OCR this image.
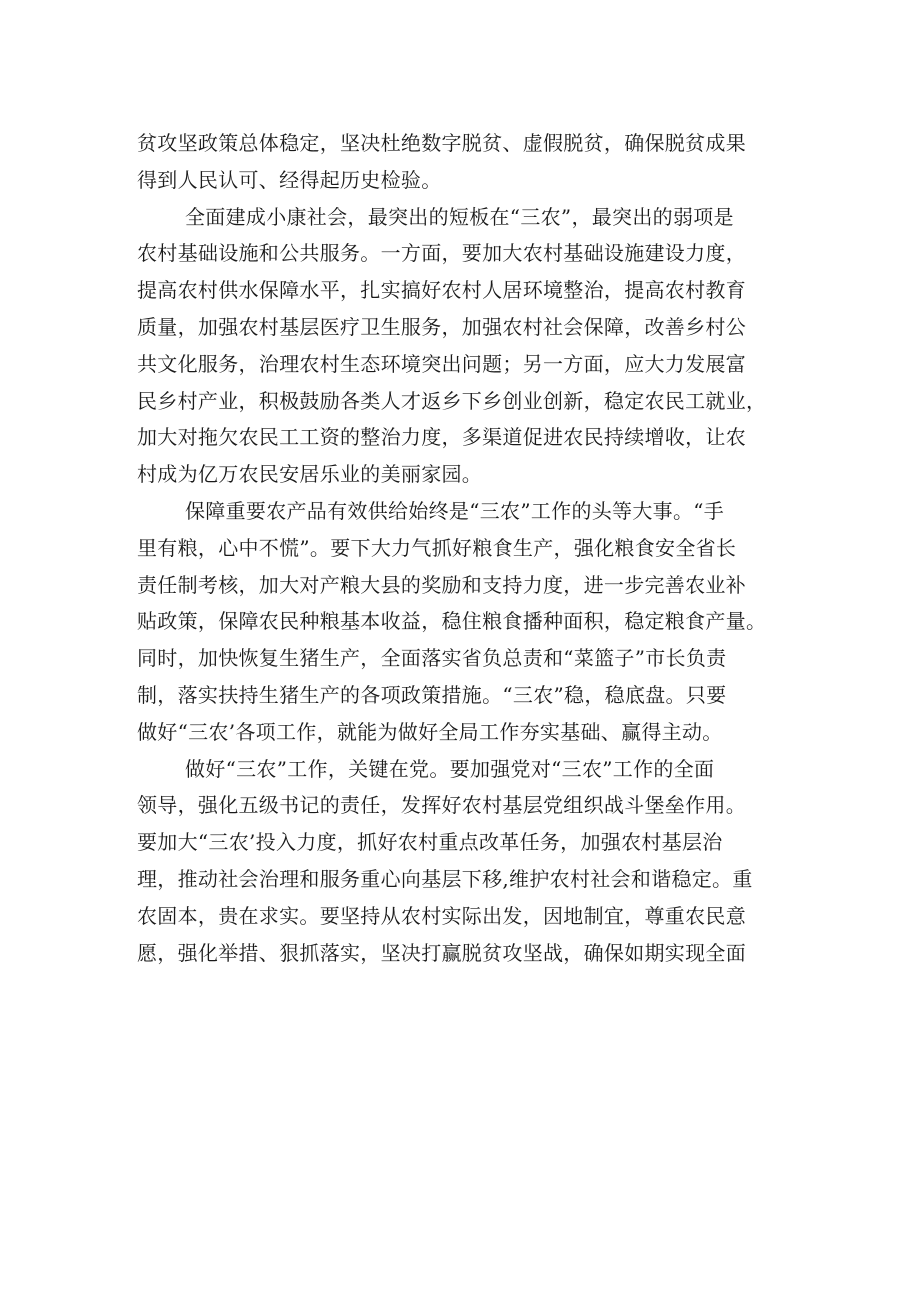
贫攻坚政策总体稳定，坚决杜绝数字脱贫、虚假脱贫，确保脱贫成果
得到人民认可、经得起历史检验。
全面建成小康社会，最突出的短板在“三农”，最突出的弱项是
农村基础设施和公共服务。一方面，要加大农村基础设施建设力度，
提高农村供水保障水平，扎实搞好农村人居环境整治，提高农村教育
质量，加强农村基层医疗卫生服务，加强农村社会保障，改善乡村公
共文化服务，治理农村生态环境突出问题；另一方面，应大力发展富
民乡村产业，积极鼓励各类人才返乡下乡创业创新，稳定农民工就业，
加大对拖欠农民工工资的整治力度，多渠道促进农民持续增收，让农
村成为亿万农民安居乐业的美丽家园。
保障重要农产品有效供给始终是“三农”工作的头等大事。“手
里有粮，心中不慌”。要下大力气抓好粮食生产，强化粮食安全省长
责任制考核，加大对产粮大县的奖励和支持力度，进一步完善农业补
贴政策，保障农民种粮基本收益，稳住粮食播种面积，稳定粮食产量。
同时，加快恢复生猪生产，全面落实省负总责和“菜篮子”市长负责
制，落实扶持生猪生产的各项政策措施。“三农”稳，稳底盘。只要
做好“三农’各项工作，就能为做好全局工作夯实基础、赢得主动。
做好“三农”工作，关键在党。要加强党对“三农”工作的全面
领导，强化五级书记的责任，发挥好农村基层党组织战斗堡垒作用。
要加大“三农’投入力度，抓好农村重点改革任务，加强农村基层治
理，推动社会治理和服务重心向基层下移,维护农村社会和谐稳定。重
农固本，贵在求实。要坚持从农村实际出发，因地制宜，尊重农民意
愿，强化举措、狠抓落实，坚决打赢脱贫攻坚战，确保如期实现全面
